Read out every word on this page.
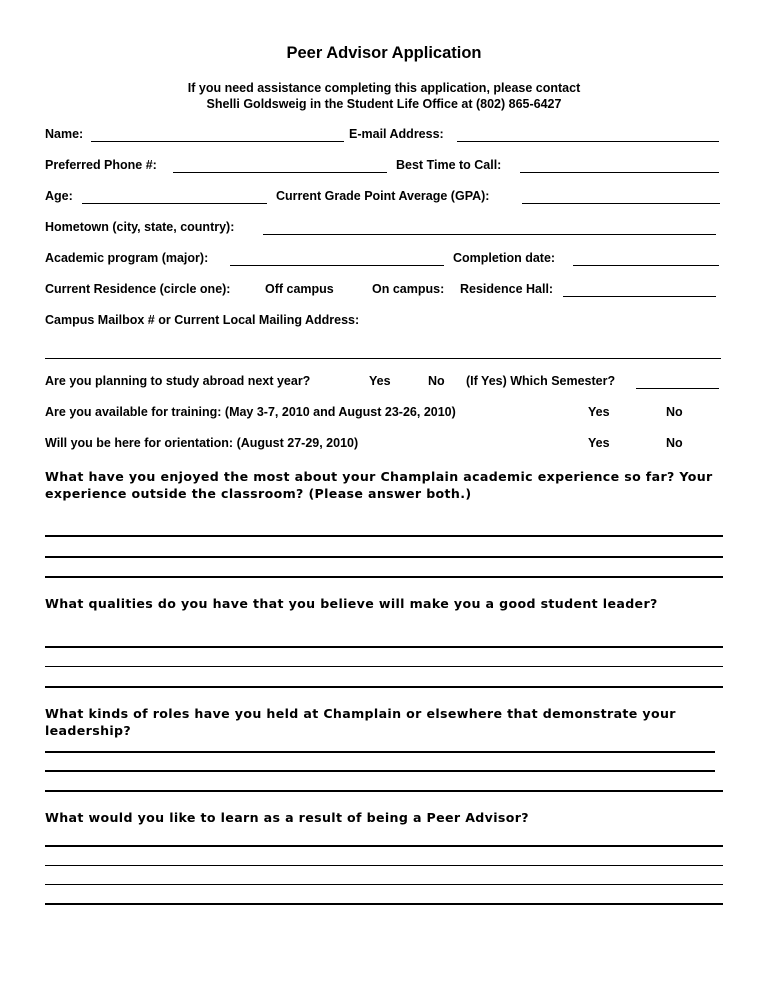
Peer Advisor Application
If you need assistance completing this application, please contact
Shelli Goldsweig in the Student Life Office at (802) 865-6427
Name:	E-mail Address:
Preferred Phone #:	Best Time to Call:
Age:	Current Grade Point Average (GPA):
Hometown (city, state, country):
Academic program (major):	Completion date:
Current Residence (circle one):	Off campus	On campus: Residence Hall:
Campus Mailbox # or Current Local Mailing Address:
Are you planning to study abroad next year?	Yes	No (If Yes) Which Semester?
Are you available for training: (May 3-7, 2010 and August 23-26, 2010)	Yes	No
Will you be here for orientation: (August 27-29, 2010)	Yes	No
What have you enjoyed the most about your Champlain academic experience so far? Your
experience outside the classroom? (Please answer both.)
What qualities do you have that you believe will make you a good student leader?
What kinds of roles have you held at Champlain or elsewhere that demonstrate your
leadership?
What would you like to learn as a result of being a Peer Advisor?
